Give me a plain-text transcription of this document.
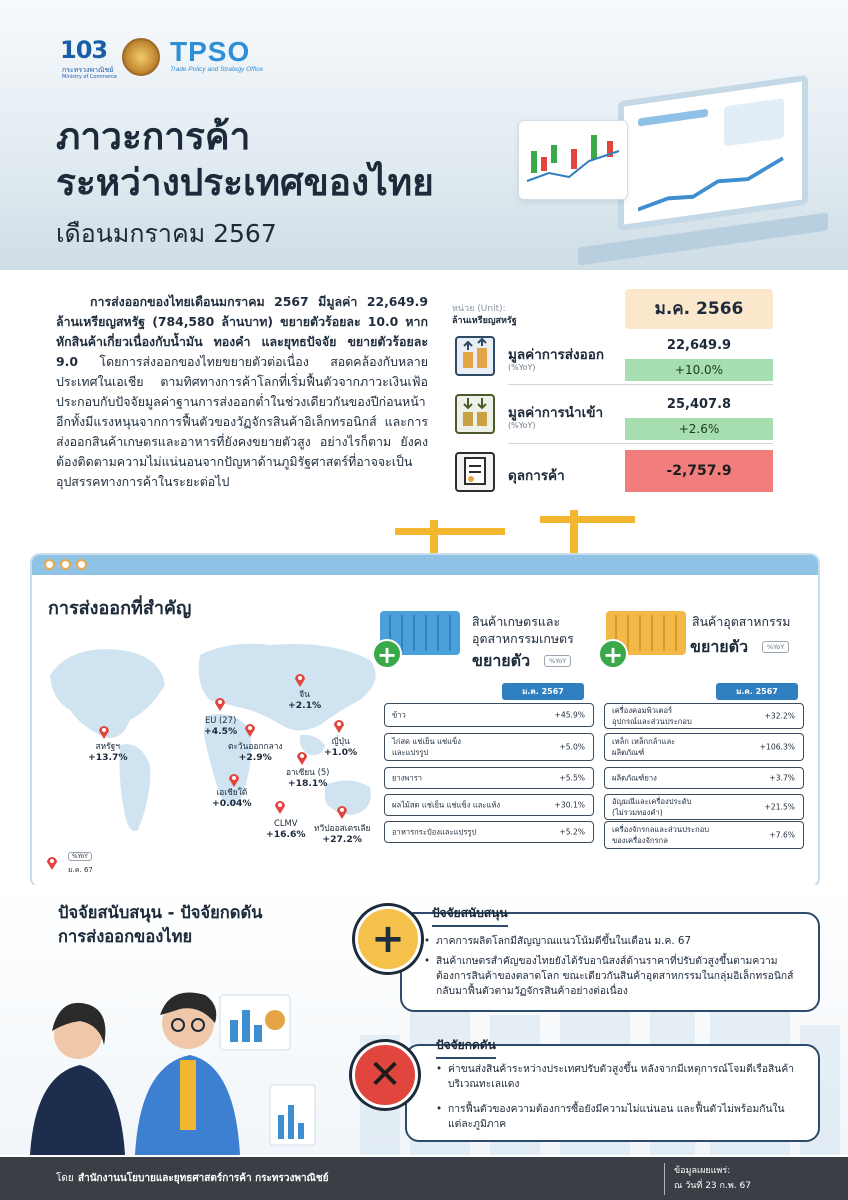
103
กระทรวงพาณิชย์
Ministry of Commerce
TPSO
Trade Policy and Strategy Office
ภาวะการค้า
ระหว่างประเทศของไทย
เดือนมกราคม 2567

การส่งออกของไทยเดือนมกราคม 2567 มีมูลค่า 22,649.9 ล้านเหรียญสหรัฐ (784,580 ล้านบาท) ขยายตัวร้อยละ 10.0 หากหักสินค้าเกี่ยวเนื่องกับน้ำมัน ทองคำ และยุทธปัจจัย ขยายตัวร้อยละ 9.0 โดยการส่งออกของไทยขยายตัวต่อเนื่อง สอดคล้องกับหลายประเทศในเอเชีย ตามทิศทางการค้าโลกที่เริ่มฟื้นตัวจากภาวะเงินเฟ้อ ประกอบกับปัจจัยมูลค่าฐานการส่งออกต่ำในช่วงเดียวกันของปีก่อนหน้า อีกทั้งมีแรงหนุนจากการฟื้นตัวของวัฏจักรสินค้าอิเล็กทรอนิกส์ และการส่งออกสินค้าเกษตรและอาหารที่ยังคงขยายตัวสูง อย่างไรก็ตาม ยังคงต้องติดตามความไม่แน่นอนจากปัญหาด้านภูมิรัฐศาสตร์ที่อาจจะเป็นอุปสรรคทางการค้าในระยะต่อไป

หน่วย (Unit):
ล้านเหรียญสหรัฐ
ม.ค. 2566
มูลค่าการส่งออก
(%YoY)
22,649.9
+10.0%
มูลค่าการนำเข้า
(%YoY)
25,407.8
+2.6%
ดุลการค้า	-2,757.9
การส่งออกที่สำคัญ
สหรัฐฯ
+13.7%
EU (27)
+4.5%
จีน
+2.1%
ญี่ปุ่น
+1.0%
ตะวันออกกลาง
+2.9%
อาเซียน (5)
+18.1%
เอเชียใต้
+0.04%
CLMV
+16.6%
ทวีปออสเตรเลีย
+27.2%
%YoY
ม.ค. 67
+
สินค้าเกษตรและ
อุตสาหกรรมเกษตร
ขยายตัว	%YoY +
สินค้าอุตสาหกรรม
ขยายตัว	%YoY
ม.ค. 2567
ข้าว	+45.9%
ไก่สด แช่เย็น แช่แข็ง
และแปรรูป
+5.0%
ยางพารา	+5.5%
ผลไม้สด แช่เย็น แช่แข็ง และแห้ง	+30.1%
อาหารกระป๋องและแปรรูป	+5.2%
ม.ค. 2567
เครื่องคอมพิวเตอร์
อุปกรณ์และส่วนประกอบ
+32.2%
เหล็ก เหล็กกล้าและ
ผลิตภัณฑ์
+106.3%
ผลิตภัณฑ์ยาง	+3.7%
อัญมณีและเครื่องประดับ
(ไม่รวมทองคำ)
+21.5%
เครื่องจักรกลและส่วนประกอบ
ของเครื่องจักรกล
+7.6%
ปัจจัยสนับสนุน - ปัจจัยกดดัน
การส่งออกของไทย
ปัจจัยสนับสนุน
+	• ภาคการผลิตโลกมีสัญญาณแนวโน้มดีขึ้นในเดือน ม.ค. 67
• สินค้าเกษตรสำคัญของไทยยังได้รับอานิสงส์ด้านราคาที่ปรับตัวสูงขึ้นตามความต้องการสินค้าของตลาดโลก ขณะเดียวกันสินค้าอุตสาหกรรมในกลุ่มอิเล็กทรอนิกส์กลับมาฟื้นตัวตามวัฏจักรสินค้าอย่างต่อเนื่อง
ปัจจัยกดดัน
✕	• ค่าขนส่งสินค้าระหว่างประเทศปรับตัวสูงขึ้น หลังจากมีเหตุการณ์โจมตีเรือสินค้าบริเวณทะเลแดง
• การฟื้นตัวของความต้องการซื้อยังมีความไม่แน่นอน และฟื้นตัวไม่พร้อมกันในแต่ละภูมิภาค
โดย สำนักงานนโยบายและยุทธศาสตร์การค้า กระทรวงพาณิชย์
ข้อมูลเผยแพร่:
ณ วันที่ 23 ก.พ. 67
